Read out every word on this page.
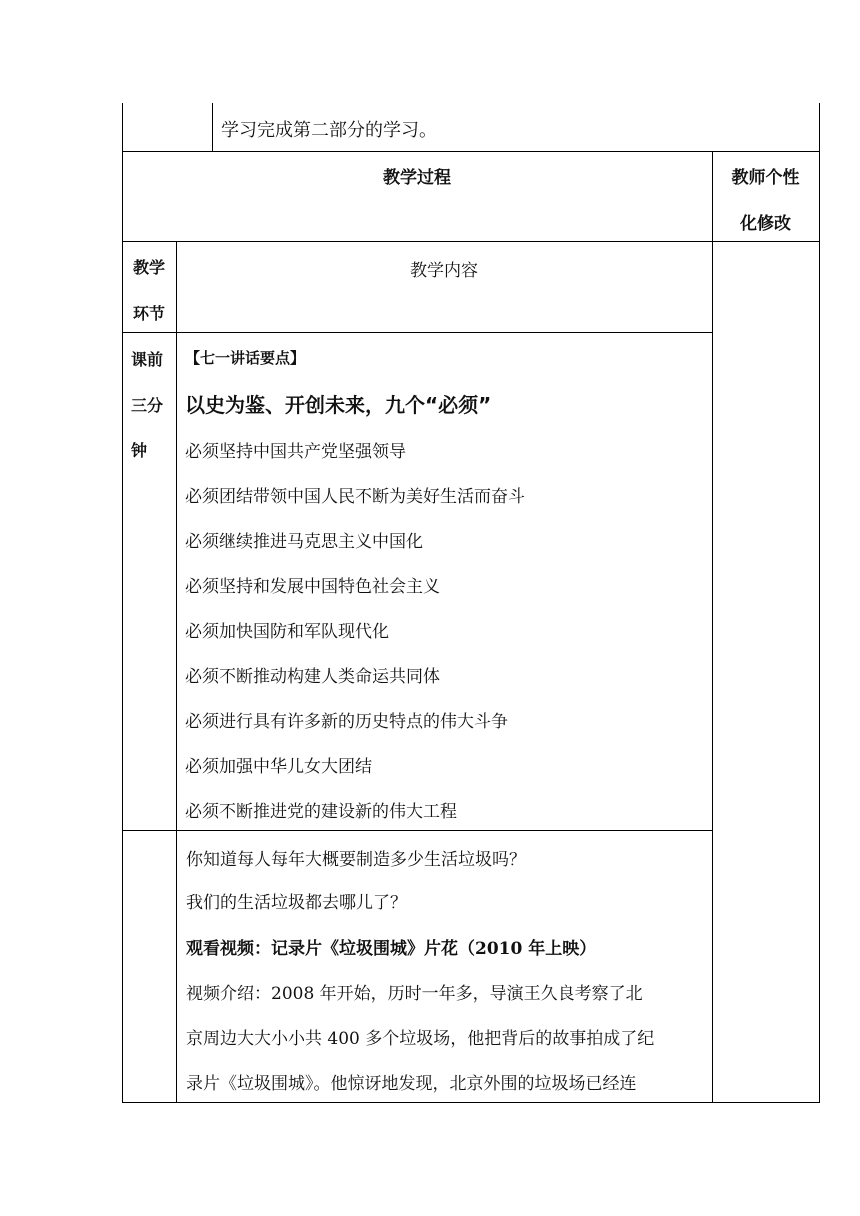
学习完成第二部分的学习。
教学过程	教师个性
化修改
教学
环节
教学内容
课前
三分
钟
【七一讲话要点】
以史为鉴、开创未来，九个“必须”
必须坚持中国共产党坚强领导
必须团结带领中国人民不断为美好生活而奋斗
必须继续推进马克思主义中国化
必须坚持和发展中国特色社会主义
必须加快国防和军队现代化
必须不断推动构建人类命运共同体
必须进行具有许多新的历史特点的伟大斗争
必须加强中华儿女大团结
必须不断推进党的建设新的伟大工程
你知道每人每年大概要制造多少生活垃圾吗？
我们的生活垃圾都去哪儿了？
观看视频：记录片《垃圾围城》片花（2010 年上映）
视频介绍：2008 年开始，历时一年多，导演王久良考察了北
京周边大大小小共 400 多个垃圾场，他把背后的故事拍成了纪
录片《垃圾围城》。他惊讶地发现，北京外围的垃圾场已经连
